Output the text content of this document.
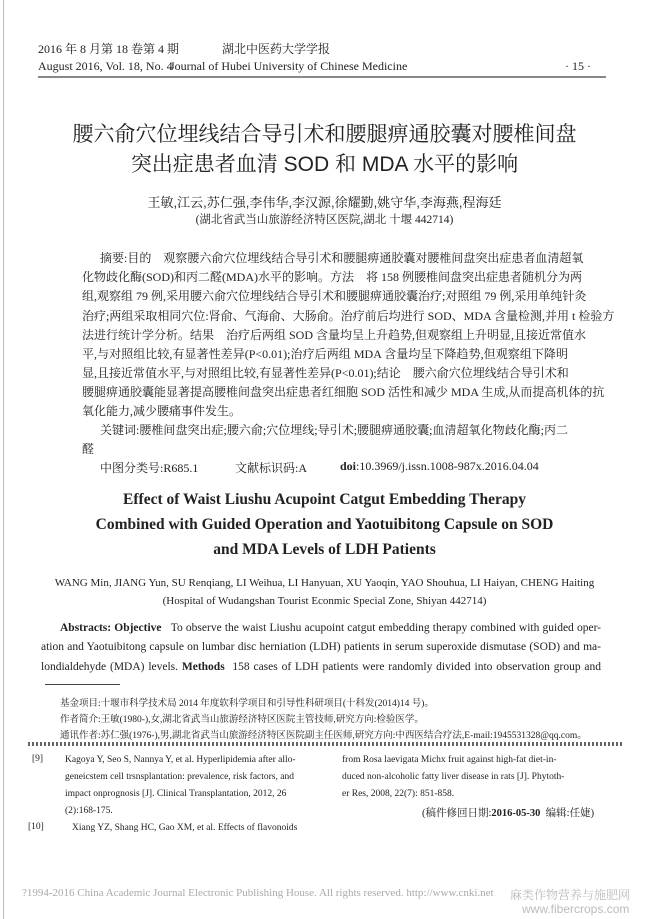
2016 年 8 月第 18 卷第 4 期	湖北中医药大学学报
August 2016, Vol. 18, No. 4
Journal of Hubei University of Chinese Medicine	· 15 ·
腰六俞穴位埋线结合导引术和腰腿痹通胶囊对腰椎间盘
突出症患者血清 SOD 和 MDA 水平的影响
王敏,江云,苏仁强,李伟华,李汉源,徐耀勤,姚守华,李海燕,程海廷
(湖北省武当山旅游经济特区医院,湖北 十堰 442714)
摘要:目的　观察腰六俞穴位埋线结合导引术和腰腿痹通胶囊对腰椎间盘突出症患者血清超氧
化物歧化酶(SOD)和丙二醛(MDA)水平的影响。方法　将 158 例腰椎间盘突出症患者随机分为两
组,观察组 79 例,采用腰六俞穴位埋线结合导引术和腰腿痹通胶囊治疗;对照组 79 例,采用单纯针灸
治疗;两组采取相同穴位:肾俞、气海俞、大肠俞。治疗前后均进行 SOD、MDA 含量检测,并用 t 检验方
法进行统计学分析。结果　治疗后两组 SOD 含量均呈上升趋势,但观察组上升明显,且接近常值水
平,与对照组比较,有显著性差异(P<0.01);治疗后两组 MDA 含量均呈下降趋势,但观察组下降明
显,且接近常值水平,与对照组比较,有显著性差异(P<0.01);结论　腰六俞穴位埋线结合导引术和
腰腿痹通胶囊能显著提高腰椎间盘突出症患者红细胞 SOD 活性和减少 MDA 生成,从而提高机体的抗
氧化能力,减少腰痛事件发生。
关键词:腰椎间盘突出症;腰六俞;穴位埋线;导引术;腰腿痹通胶囊;血清超氧化物歧化酶;丙二
醛
中图分类号:R685.1	文献标识码:A	doi:10.3969/j.issn.1008-987x.2016.04.04
Effect of Waist Liushu Acupoint Catgut Embedding Therapy
Combined with Guided Operation and Yaotuibitong Capsule on SOD
and MDA Levels of LDH Patients
WANG Min, JIANG Yun, SU Renqiang, LI Weihua, LI Hanyuan, XU Yaoqin, YAO Shouhua, LI Haiyan, CHENG Haiting
(Hospital of Wudangshan Tourist Econmic Special Zone, Shiyan 442714)
Abstracts: Objective To observe the waist Liushu acupoint catgut embedding therapy combined with guided oper-
ation and Yaotuibitong capsule on lumbar disc herniation (LDH) patients in serum superoxide dismutase (SOD) and ma-
londialdehyde (MDA) levels. Methods 158 cases of LDH patients were randomly divided into observation group and
基金项目:十堰市科学技术局 2014 年度软科学项目和引导性科研项目(十科发(2014)14 号)。
作者简介:王敏(1980-),女,湖北省武当山旅游经济特区医院主管技师,研究方向:检验医学。
通讯作者:苏仁强(1976-),男,湖北省武当山旅游经济特区医院副主任医师,研究方向:中西医结合疗法,E-mail:1945531328@qq.com。
[9] Kagoya Y, Seo S, Nannya Y, et al. Hyperlipidemia after allo-
geneicstem cell trsnsplantation: prevalence, risk factors, and
impact onprognosis [J]. Clinical Transplantation, 2012, 26
(2):168-175.
[10]	Xiang YZ, Shang HC, Gao XM, et al. Effects of flavonoids
from Rosa laevigata Michx fruit against high-fat diet-in-
duced non-alcoholic fatty liver disease in rats [J]. Phytoth-
er Res, 2008, 22(7): 851-858.
(稿件修回日期:2016-05-30 编辑:任婕)
?1994-2016 China Academic Journal Electronic Publishing House. All rights reserved. http://www.cnki.net 麻类作物营养与施肥网
www.fibercrops.com
